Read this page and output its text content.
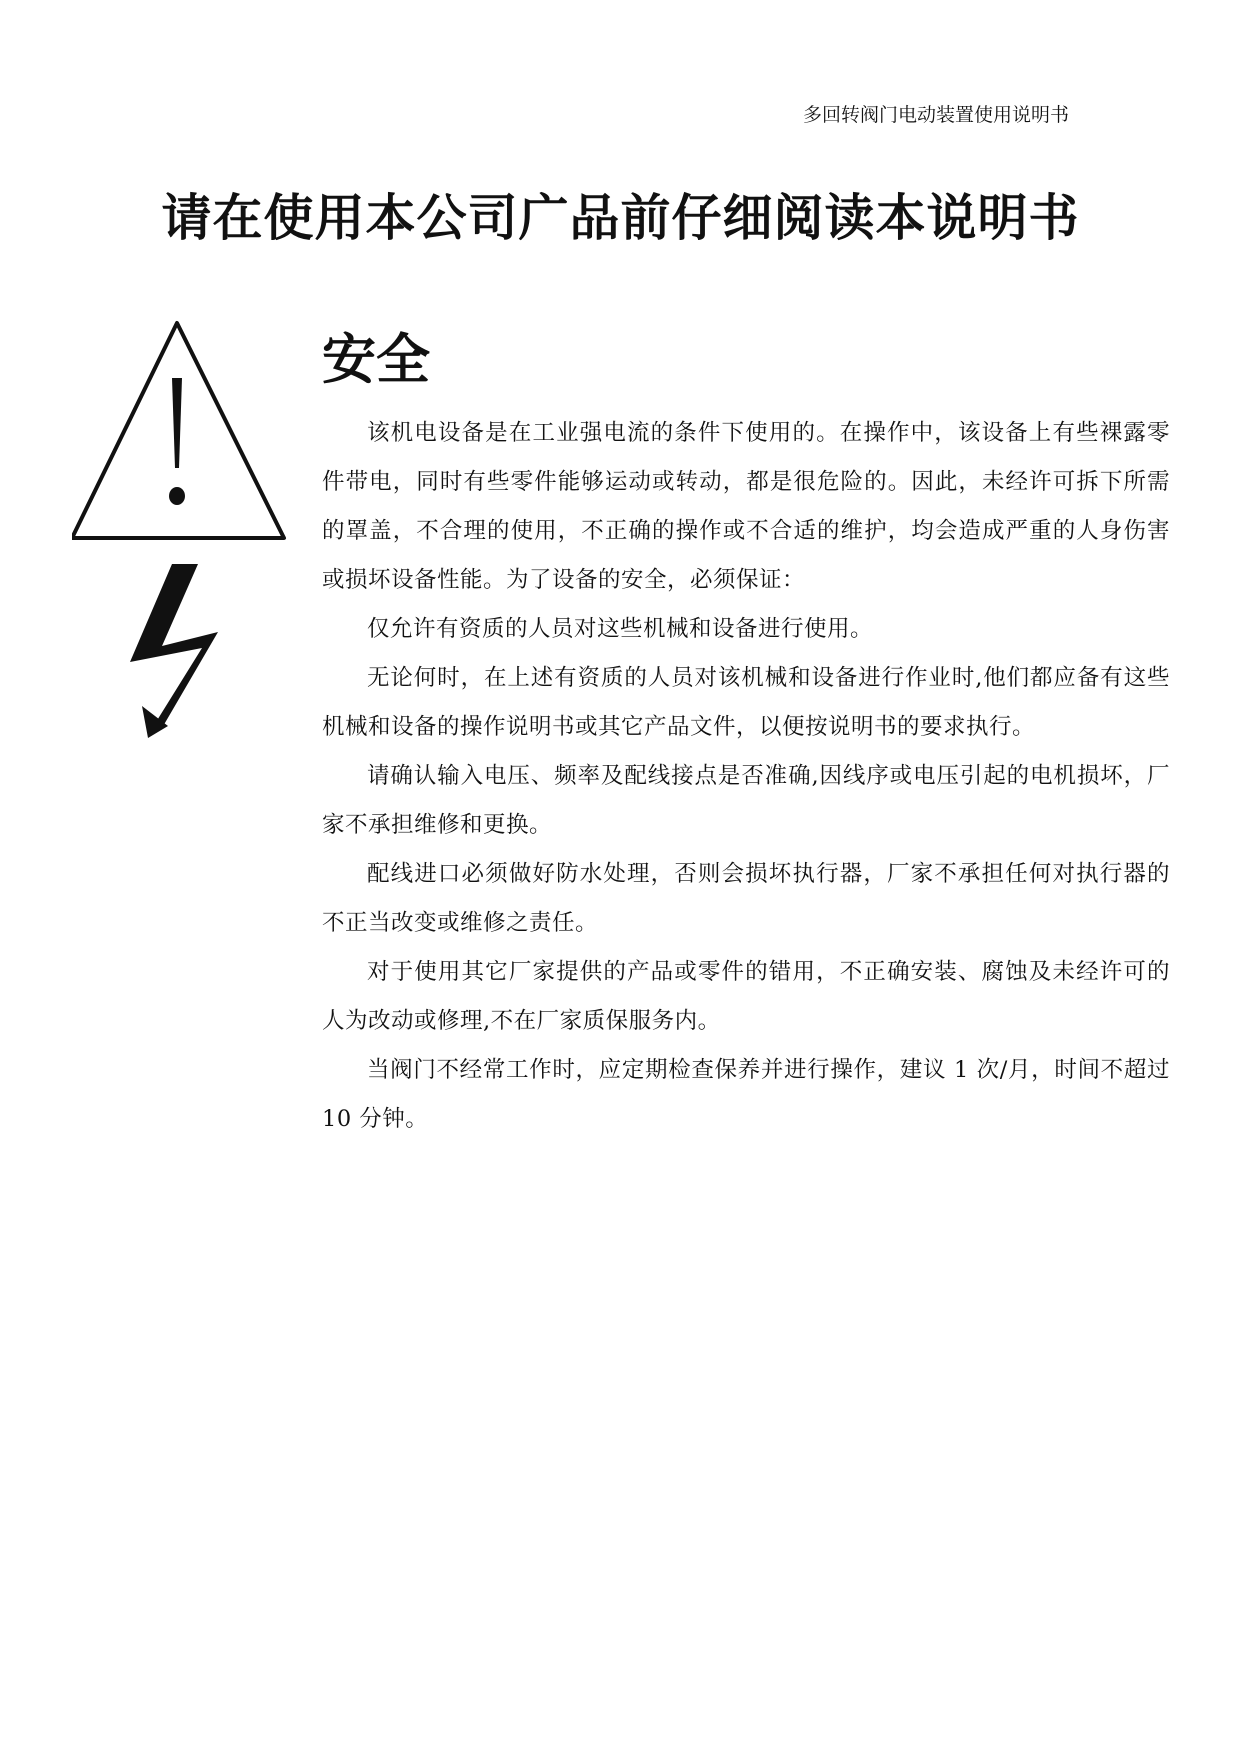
多回转阀门电动装置使用说明书
请在使用本公司广品前仔细阅读本说明书
安全

该机电设备是在工业强电流的条件下使用的。在操作中，该设备上有些裸露零件带电，同时有些零件能够运动或转动，都是很危险的。因此，未经许可拆下所需的罩盖，不合理的使用，不正确的操作或不合适的维护，均会造成严重的人身伤害或损坏设备性能。为了设备的安全，必须保证：

仅允许有资质的人员对这些机械和设备进行使用。

无论何时，在上述有资质的人员对该机械和设备进行作业时,他们都应备有这些机械和设备的操作说明书或其它产品文件，以便按说明书的要求执行。

请确认输入电压、频率及配线接点是否准确,因线序或电压引起的电机损坏，厂家不承担维修和更换。

配线进口必须做好防水处理，否则会损坏执行器，厂家不承担任何对执行器的不正当改变或维修之责任。

对于使用其它厂家提供的产品或零件的错用，不正确安装、腐蚀及未经许可的人为改动或修理,不在厂家质保服务内。

当阀门不经常工作时，应定期检查保养并进行操作，建议 1 次/月，时间不超过 10 分钟。
